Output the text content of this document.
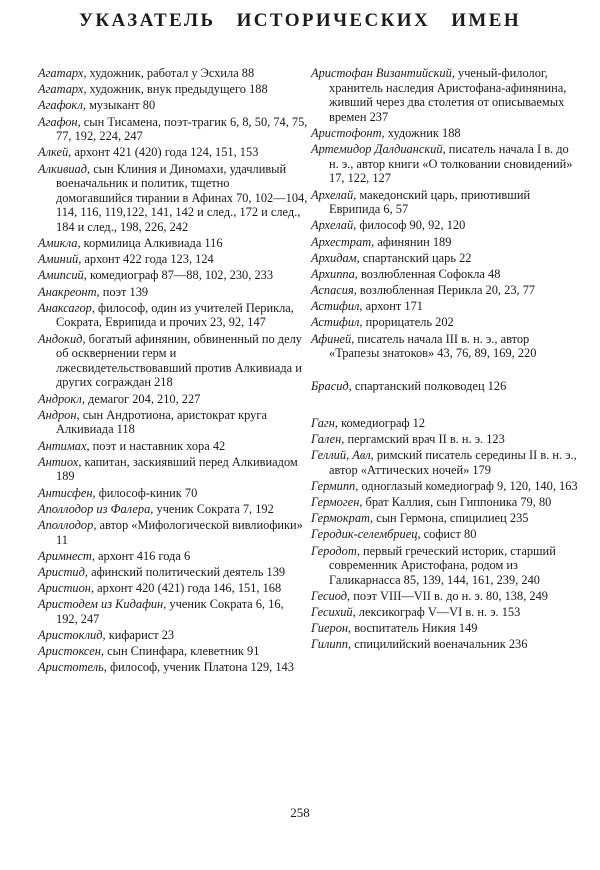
УКАЗАТЕЛЬ ИСТОРИЧЕСКИХ ИМЕН
Агатарх, художник, работал у Эсхила 88
Агатарх, художник, внук предыдущего 188
Агафокл, музыкант 80
Агафон, сын Тисамена, поэт-трагик 6, 8, 50, 74, 75, 77, 192, 224, 247
Алкей, архонт 421 (420) года 124, 151, 153
Алкивиад, сын Клиния и Диномахи, удачливый военачальник и политик, тщетно домогавшийся тирании в Афинах 70, 102—104, 114, 116, 119,122, 141, 142 и след., 172 и след., 184 и след., 198, 226, 242
Амикла, кормилица Алкивиада 116
Аминий, архонт 422 года 123, 124
Амипсий, комедиограф 87—88, 102, 230, 233
Анакреонт, поэт 139
Анаксагор, философ, один из учителей Перикла, Сократа, Еврипида и прочих 23, 92, 147
Андокид, богатый афинянин, обвиненный по делу об осквернении герм и лжесвидетельствовавший против Алкивиада и других сограждан 218
Андрокл, демагог 204, 210, 227
Андрон, сын Андротиона, аристократ круга Алкивиада 118
Антимах, поэт и наставник хора 42
Антиох, капитан, заскиявший перед Алкивиадом 189
Антисфен, философ-киник 70
Аполлодор из Фалера, ученик Сократа 7, 192
Аполлодор, автор «Мифологической вивлиофики» 11
Аримнест, архонт 416 года 6
Аристид, афинский политический деятель 139
Аристион, архонт 420 (421) года 146, 151, 168
Аристодем из Кидафин, ученик Сократа 6, 16, 192, 247
Аристоклид, кифарист 23
Аристоксен, сын Спинфара, клеветник 91
Аристотель, философ, ученик Платона 129, 143
Аристофан Византийский, ученый-филолог, хранитель наследия Аристофана-афинянина, живший через два столетия от описываемых времен 237
Аристофонт, художник 188
Артемидор Далдианский, писатель начала I в. до н. э., автор книги «О толковании сновидений» 17, 122, 127
Архелай, македонский царь, приютивший Еврипида 6, 57
Архелай, философ 90, 92, 120
Архестрат, афинянин 189
Архидам, спартанский царь 22
Архиппа, возлюбленная Софокла 48
Аспасия, возлюбленная Перикла 20, 23, 77
Астифил, архонт 171
Астифил, прорицатель 202
Афиней, писатель начала III в. н. э., автор «Трапезы знатоков» 43, 76, 89, 169, 220
Брасид, спартанский полководец 126
Гагн, комедиограф 12
Гален, пергамский врач II в. н. э. 123
Геллий, Авл, римский писатель середины II в. н. э., автор «Аттических ночей» 179
Гермипп, одноглазый комедиограф 9, 120, 140, 163
Гермоген, брат Каллия, сын Гиппоника 79, 80
Гермократ, сын Гермона, спицилиец 235
Геродик-селембриец, софист 80
Геродот, первый греческий историк, старший современник Аристофана, родом из Галикарнасса 85, 139, 144, 161, 239, 240
Гесиод, поэт VIII—VII в. до н. э. 80, 138, 249
Гесихий, лексикограф V—VI в. н. э. 153
Гиерон, воспитатель Никия 149
Гилипп, спицилийский военачальник 236
258
